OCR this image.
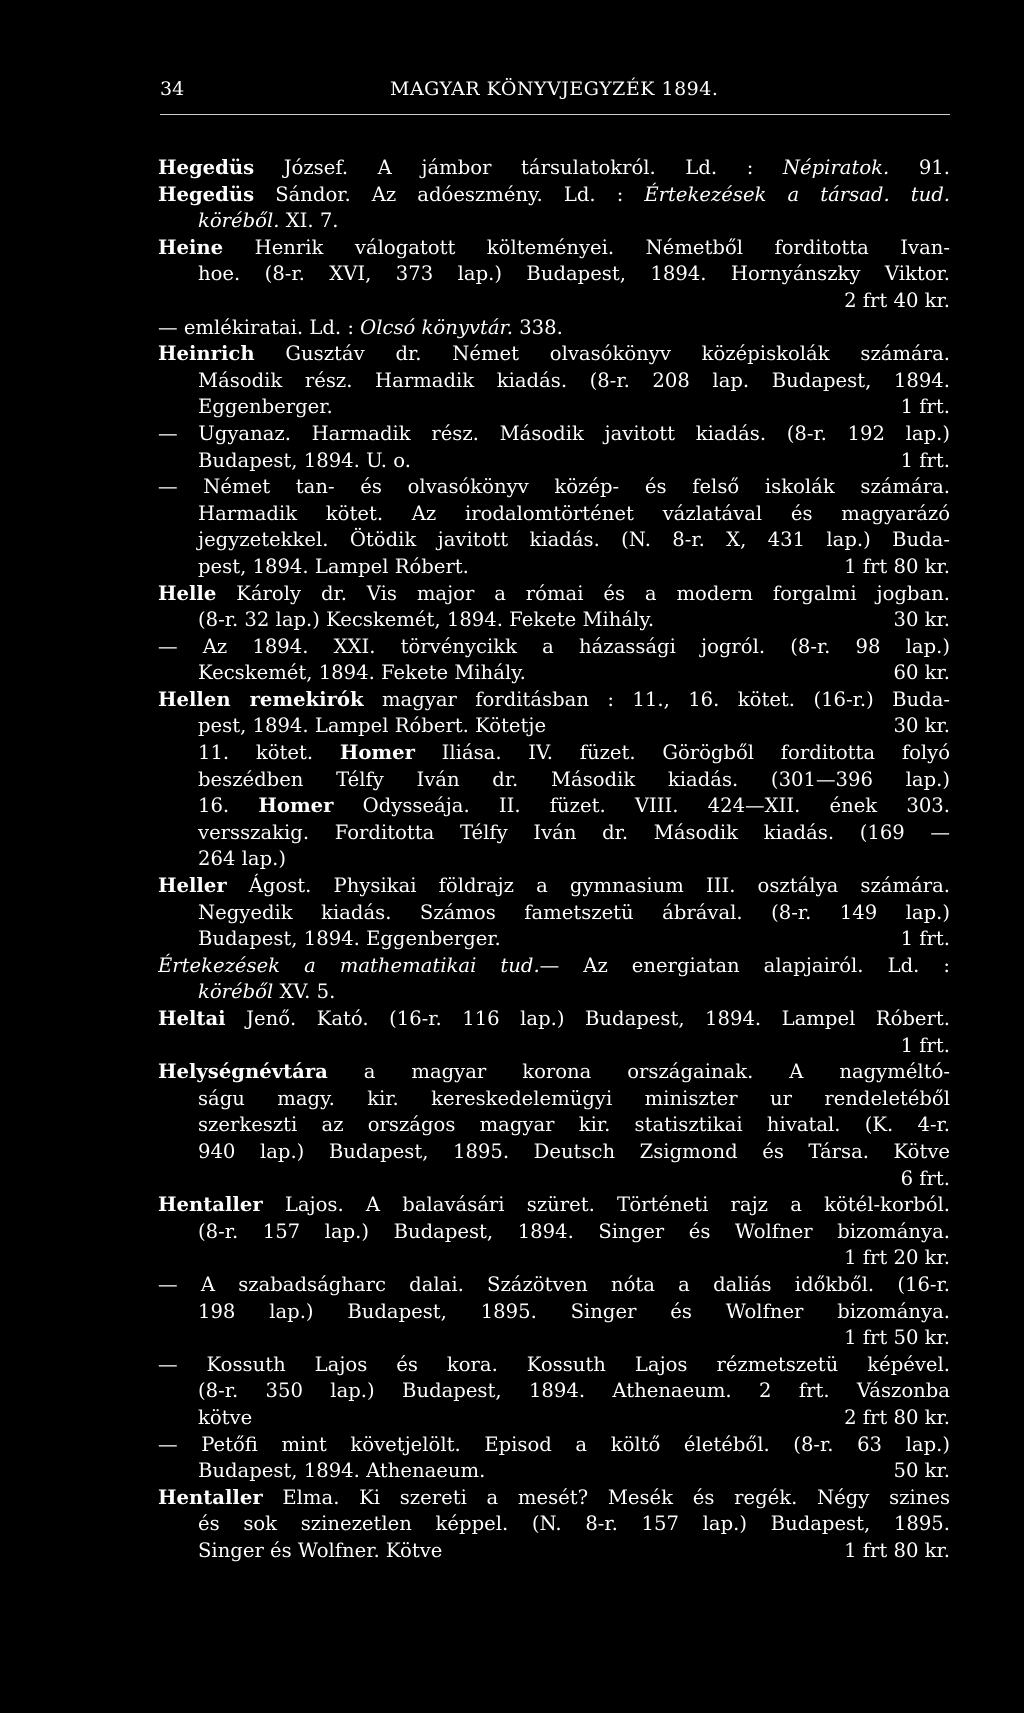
34	MAGYAR KÖNYVJEGYZÉK 1894.
Hegedüs József. A jámbor társulatokról. Ld. : Népiratok. 91.
Hegedüs Sándor. Az adóeszmény. Ld. : Értekezések a társad. tud.
köréből. XI. 7.
Heine Henrik válogatott költeményei. Németből forditotta Ivan-
hoe. (8-r. XVI, 373 lap.) Budapest, 1894. Hornyánszky Viktor.
2 frt 40 kr.
— emlékiratai. Ld. : Olcsó könyvtár. 338.
Heinrich Gusztáv dr. Német olvasókönyv középiskolák számára.
Második rész. Harmadik kiadás. (8-r. 208 lap. Budapest, 1894.
Eggenberger.	1 frt.
— Ugyanaz. Harmadik rész. Második javitott kiadás. (8-r. 192 lap.)
Budapest, 1894. U. o.	1 frt.
— Német tan- és olvasókönyv közép- és felső iskolák számára.
Harmadik kötet. Az irodalomtörténet vázlatával és magyarázó
jegyzetekkel. Ötödik javitott kiadás. (N. 8-r. X, 431 lap.) Buda-
pest, 1894. Lampel Róbert.	1 frt 80 kr.
Helle Károly dr. Vis major a római és a modern forgalmi jogban.
(8-r. 32 lap.) Kecskemét, 1894. Fekete Mihály.	30 kr.
— Az 1894. XXI. törvénycikk a házassági jogról. (8-r. 98 lap.)
Kecskemét, 1894. Fekete Mihály.	60 kr.
Hellen remekirók magyar forditásban : 11., 16. kötet. (16-r.) Buda-
pest, 1894. Lampel Róbert. Kötetje	30 kr.
11. kötet. Homer Iliása. IV. füzet. Görögből forditotta folyó
beszédben Télfy Iván dr. Második kiadás. (301—396 lap.)
16. Homer Odysseája. II. füzet. VIII. 424—XII. ének 303.
versszakig. Forditotta Télfy Iván dr. Második kiadás. (169 —
264 lap.)
Heller Ágost. Physikai földrajz a gymnasium III. osztálya számára.
Negyedik kiadás. Számos fametszetü ábrával. (8-r. 149 lap.)
Budapest, 1894. Eggenberger.	1 frt.
Értekezések a mathematikai tud.— Az energiatan alapjairól. Ld. :
köréből XV. 5.
Heltai Jenő. Kató. (16-r. 116 lap.) Budapest, 1894. Lampel Róbert.
1 frt.
Helységnévtára a magyar korona országainak. A nagyméltó-
ságu magy. kir. kereskedelemügyi miniszter ur rendeletéből
szerkeszti az országos magyar kir. statisztikai hivatal. (K. 4-r.
940 lap.) Budapest, 1895. Deutsch Zsigmond és Társa. Kötve
6 frt.
Hentaller Lajos. A balavásári szüret. Történeti rajz a kötél-korból.
(8-r. 157 lap.) Budapest, 1894. Singer és Wolfner bizománya.
1 frt 20 kr.
— A szabadságharc dalai. Százötven nóta a daliás időkből. (16-r.
198 lap.) Budapest, 1895. Singer és Wolfner bizománya.
1 frt 50 kr.
— Kossuth Lajos és kora. Kossuth Lajos rézmetszetü képével.
(8-r. 350 lap.) Budapest, 1894. Athenaeum. 2 frt. Vászonba
kötve	2 frt 80 kr.
— Petőfi mint követjelölt. Episod a költő életéből. (8-r. 63 lap.)
Budapest, 1894. Athenaeum.	50 kr.
Hentaller Elma. Ki szereti a mesét? Mesék és regék. Négy szines
és sok szinezetlen képpel. (N. 8-r. 157 lap.) Budapest, 1895.
Singer és Wolfner. Kötve	1 frt 80 kr.
